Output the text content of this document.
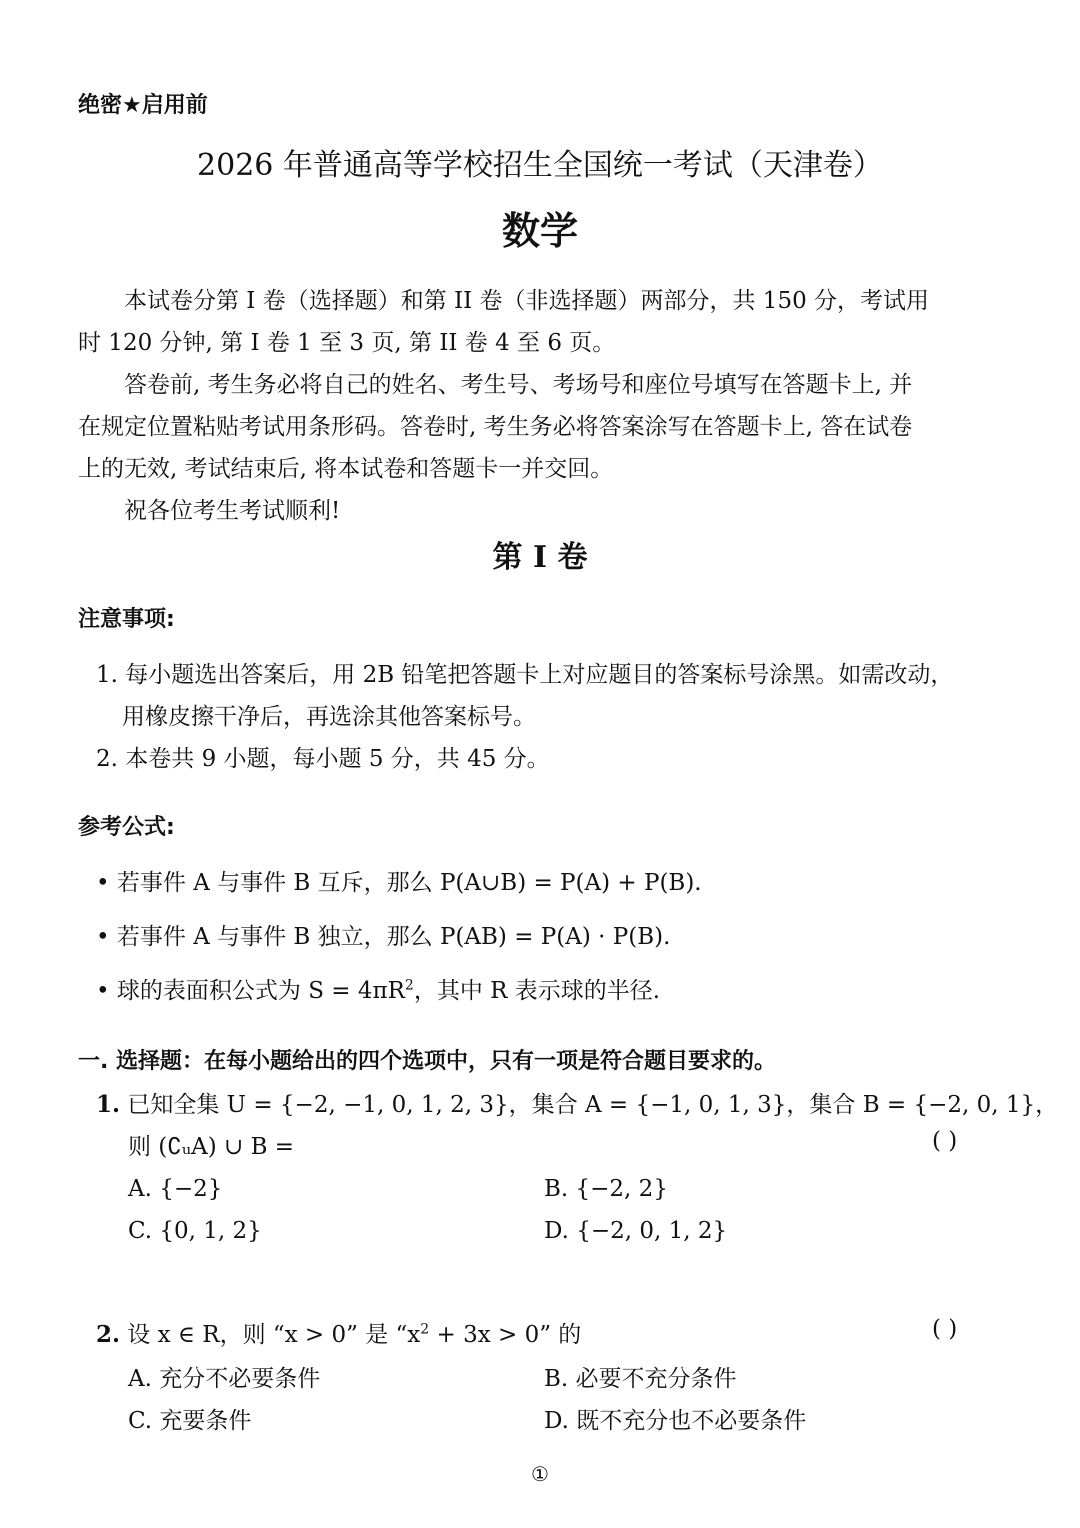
绝密★启用前
2026 年普通高等学校招生全国统一考试（天津卷）
数学

本试卷分第 I 卷（选择题）和第 II 卷（非选择题）两部分，共 150 分，考试用

时 120 分钟, 第 I 卷 1 至 3 页, 第 II 卷 4 至 6 页。

答卷前, 考生务必将自己的姓名、考生号、考场号和座位号填写在答题卡上, 并

在规定位置粘贴考试用条形码。答卷时, 考生务必将答案涂写在答题卡上, 答在试卷

上的无效, 考试结束后, 将本试卷和答题卡一并交回。

祝各位考生考试顺利!

第 I 卷
注意事项:
1. 每小题选出答案后，用 2B 铅笔把答题卡上对应题目的答案标号涂黑。如需改动，
用橡皮擦干净后，再选涂其他答案标号。
2. 本卷共 9 小题，每小题 5 分，共 45 分。
参考公式:
• 若事件 A 与事件 B 互斥，那么 P(A∪B) = P(A) + P(B).
• 若事件 A 与事件 B 独立，那么 P(AB) = P(A) · P(B).
• 球的表面积公式为 $S = 4\pi R^2$，其中 R 表示球的半径.
一. 选择题：在每小题给出的四个选项中，只有一项是符合题目要求的。
1. 已知全集 U = {−2, −1, 0, 1, 2, 3}，集合 A = {−1, 0, 1, 3}，集合 B = {−2, 0, 1}，
则 (∁ᵤA) ∪ B =	( )
A. {−2}	B. {−2, 2}
C. {0, 1, 2}	D. {−2, 0, 1, 2}
2. 设 x ∈ R，则 “x > 0” 是 “$x^2 + 3x > 0$” 的	( )
A. 充分不必要条件	B. 必要不充分条件
C. 充要条件	D. 既不充分也不必要条件
①
